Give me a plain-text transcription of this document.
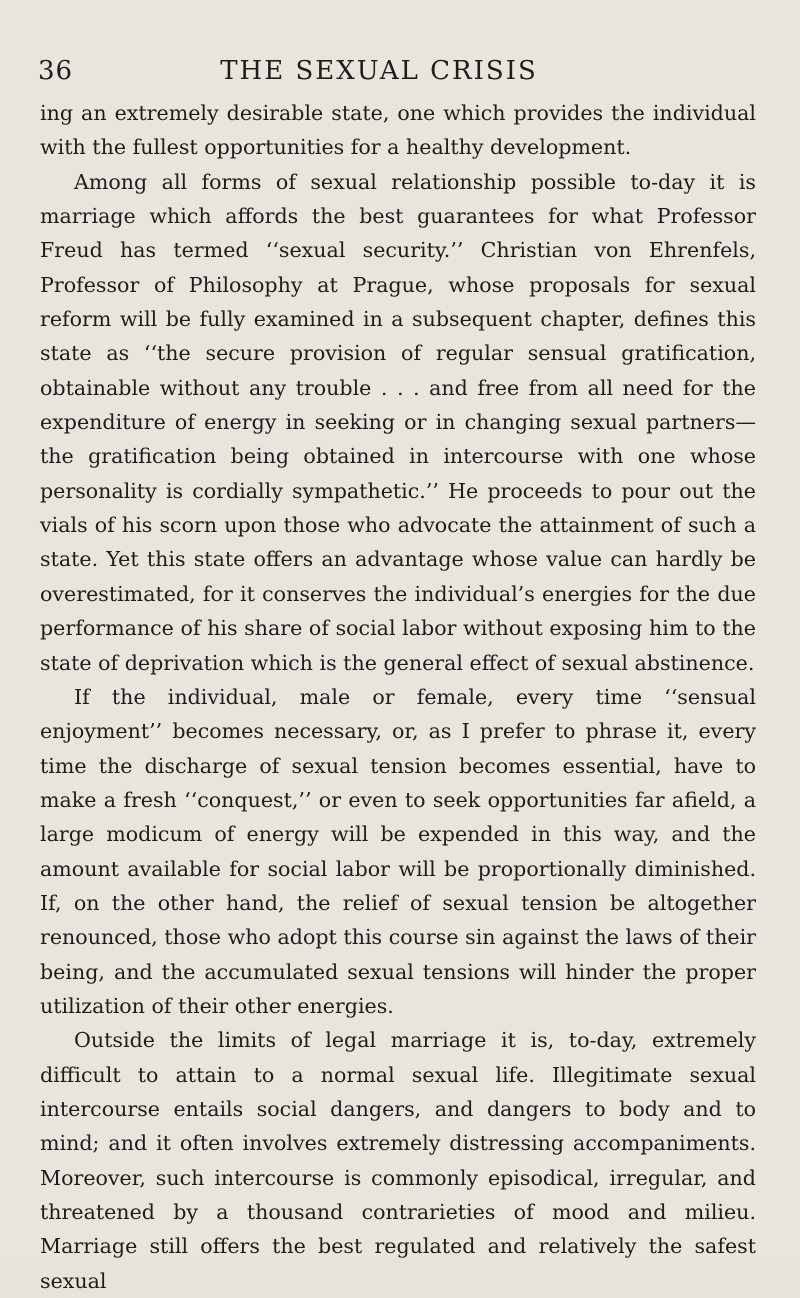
36	THE SEXUAL CRISIS

ing an extremely desirable state, one which provides the individual with the fullest opportunities for a healthy development.

Among all forms of sexual relationship possible to-day it is marriage which affords the best guarantees for what Professor Freud has termed ‘‘sexual security.’’ Christian von Ehrenfels, Professor of Philosophy at Prague, whose proposals for sexual reform will be fully examined in a subsequent chapter, defines this state as ‘‘the secure provision of regular sensual gratification, obtainable without any trouble . . . and free from all need for the expenditure of energy in seeking or in changing sexual partners—the gratification being obtained in intercourse with one whose personality is cordially sympathetic.’’ He proceeds to pour out the vials of his scorn upon those who advocate the attainment of such a state. Yet this state offers an advantage whose value can hardly be overestimated, for it conserves the individual’s energies for the due performance of his share of social labor without exposing him to the state of deprivation which is the general effect of sexual abstinence.

If the individual, male or female, every time ‘‘sensual enjoyment’’ becomes necessary, or, as I prefer to phrase it, every time the discharge of sexual tension becomes essential, have to make a fresh ‘‘conquest,’’ or even to seek opportunities far afield, a large modicum of energy will be expended in this way, and the amount available for social labor will be proportionally diminished. If, on the other hand, the relief of sexual tension be altogether renounced, those who adopt this course sin against the laws of their being, and the accumulated sexual tensions will hinder the proper utilization of their other energies.

Outside the limits of legal marriage it is, to-day, extremely difficult to attain to a normal sexual life. Illegitimate sexual intercourse entails social dangers, and dangers to body and to mind; and it often involves extremely distressing accompaniments. Moreover, such intercourse is commonly episodical, irregular, and threatened by a thousand contrarieties of mood and milieu. Marriage still offers the best regulated and relatively the safest sexual
